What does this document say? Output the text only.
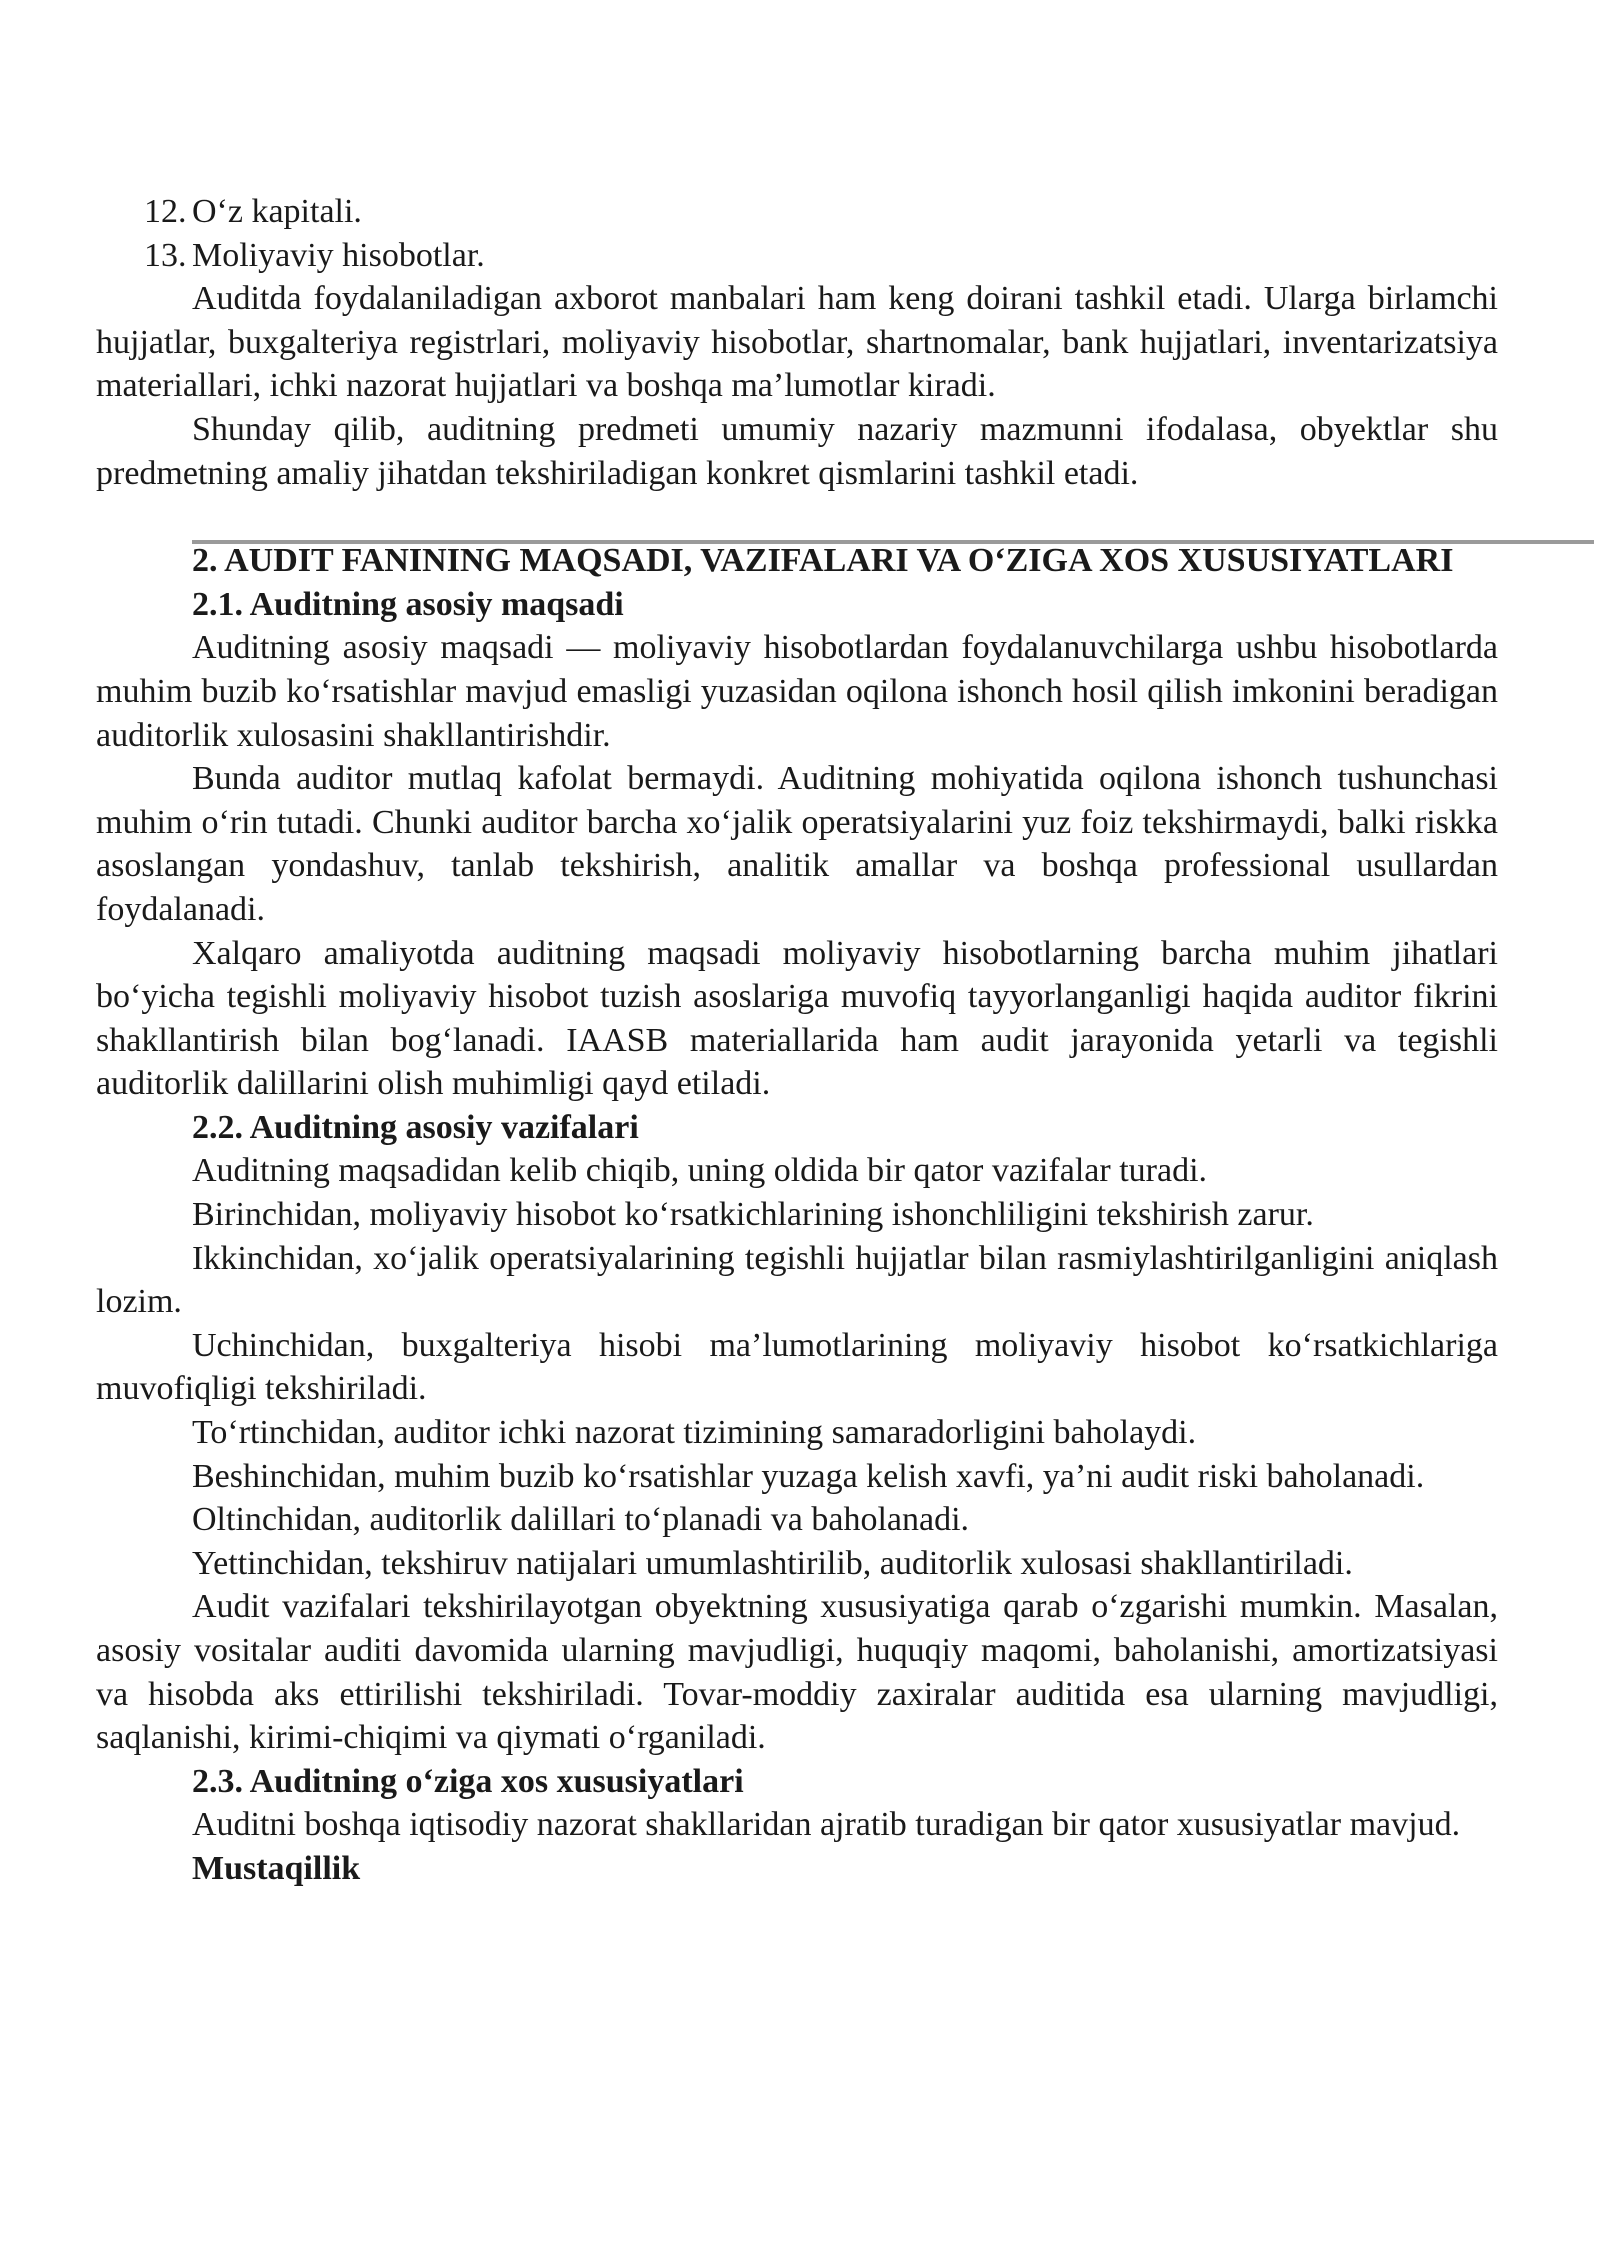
12. O‘z kapitali.
13. Moliyaviy hisobotlar.

Auditda foydalaniladigan axborot manbalari ham keng doirani tashkil etadi. Ularga birlamchi hujjatlar, buxgalteriya registrlari, moliyaviy hisobotlar, shartnomalar, bank hujjatlari, inventarizatsiya materiallari, ichki nazorat hujjatlari va boshqa ma’lumotlar kiradi.

Shunday qilib, auditning predmeti umumiy nazariy mazmunni ifodalasa, obyektlar shu predmetning amaliy jihatdan tekshiriladigan konkret qismlarini tashkil etadi.

2. AUDIT FANINING MAQSADI, VAZIFALARI VA O‘ZIGA XOS XUSUSIYATLARI

2.1. Auditning asosiy maqsadi

Auditning asosiy maqsadi — moliyaviy hisobotlardan foydalanuvchilarga ushbu hisobotlarda muhim buzib ko‘rsatishlar mavjud emasligi yuzasidan oqilona ishonch hosil qilish imkonini beradigan auditorlik xulosasini shakllantirishdir.

Bunda auditor mutlaq kafolat bermaydi. Auditning mohiyatida oqilona ishonch tushunchasi muhim o‘rin tutadi. Chunki auditor barcha xo‘jalik operatsiyalarini yuz foiz tekshirmaydi, balki riskka asoslangan yondashuv, tanlab tekshirish, analitik amallar va boshqa professional usullardan foydalanadi.

Xalqaro amaliyotda auditning maqsadi moliyaviy hisobotlarning barcha muhim jihatlari bo‘yicha tegishli moliyaviy hisobot tuzish asoslariga muvofiq tayyorlanganligi haqida auditor fikrini shakllantirish bilan bog‘lanadi. IAASB materiallarida ham audit jarayonida yetarli va tegishli auditorlik dalillarini olish muhimligi qayd etiladi.

2.2. Auditning asosiy vazifalari

Auditning maqsadidan kelib chiqib, uning oldida bir qator vazifalar turadi.

Birinchidan, moliyaviy hisobot ko‘rsatkichlarining ishonchliligini tekshirish zarur.

Ikkinchidan, xo‘jalik operatsiyalarining tegishli hujjatlar bilan rasmiylashtirilganligini aniqlash lozim.

Uchinchidan, buxgalteriya hisobi ma’lumotlarining moliyaviy hisobot ko‘rsatkichlariga muvofiqligi tekshiriladi.

To‘rtinchidan, auditor ichki nazorat tizimining samaradorligini baholaydi.

Beshinchidan, muhim buzib ko‘rsatishlar yuzaga kelish xavfi, ya’ni audit riski baholanadi.

Oltinchidan, auditorlik dalillari to‘planadi va baholanadi.

Yettinchidan, tekshiruv natijalari umumlashtirilib, auditorlik xulosasi shakllantiriladi.

Audit vazifalari tekshirilayotgan obyektning xususiyatiga qarab o‘zgarishi mumkin. Masalan, asosiy vositalar auditi davomida ularning mavjudligi, huquqiy maqomi, baholanishi, amortizatsiyasi va hisobda aks ettirilishi tekshiriladi. Tovar-moddiy zaxiralar auditida esa ularning mavjudligi, saqlanishi, kirimi-chiqimi va qiymati o‘rganiladi.

2.3. Auditning o‘ziga xos xususiyatlari

Auditni boshqa iqtisodiy nazorat shakllaridan ajratib turadigan bir qator xususiyatlar mavjud.

Mustaqillik
